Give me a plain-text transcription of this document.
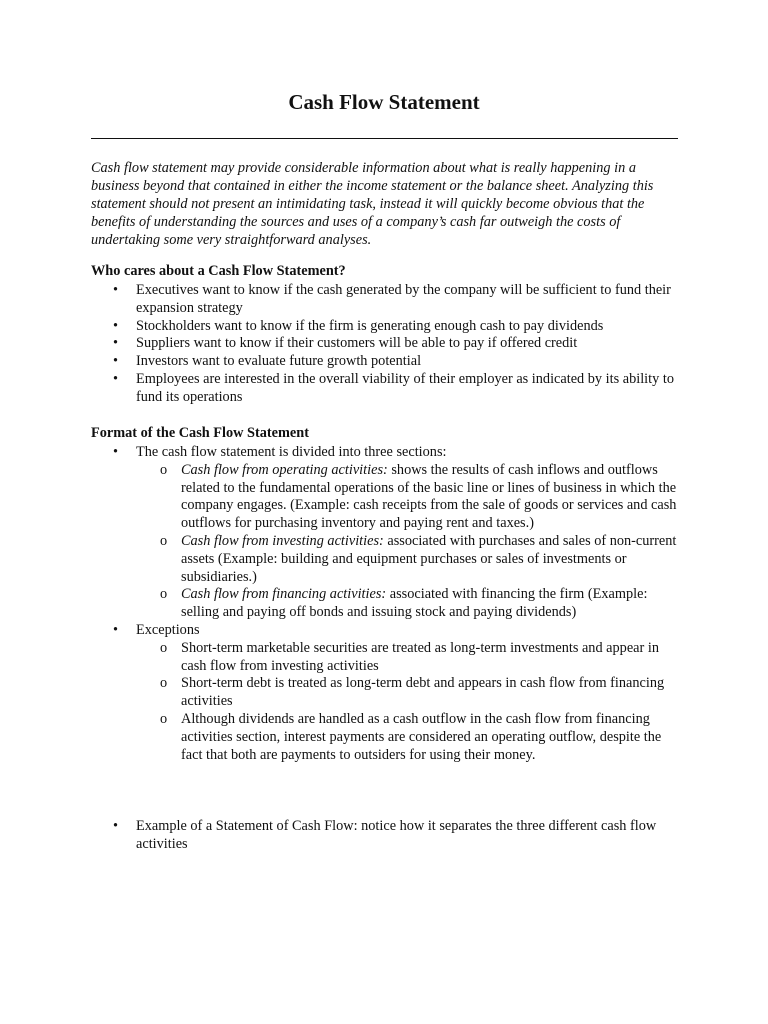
Cash Flow Statement
Cash flow statement may provide considerable information about what is really happening in a business beyond that contained in either the income statement or the balance sheet. Analyzing this statement should not present an intimidating task, instead it will quickly become obvious that the benefits of understanding the sources and uses of a company’s cash far outweigh the costs of undertaking some very straightforward analyses.
Who cares about a Cash Flow Statement?
• Executives want to know if the cash generated by the company will be sufficient to fund their expansion strategy
• Stockholders want to know if the firm is generating enough cash to pay dividends
• Suppliers want to know if their customers will be able to pay if offered credit
• Investors want to evaluate future growth potential
• Employees are interested in the overall viability of their employer as indicated by its ability to fund its operations
Format of the Cash Flow Statement
• The cash flow statement is divided into three sections:
o Cash flow from operating activities: shows the results of cash inflows and outflows related to the fundamental operations of the basic line or lines of business in which the company engages. (Example: cash receipts from the sale of goods or services and cash outflows for purchasing inventory and paying rent and taxes.)
o Cash flow from investing activities: associated with purchases and sales of non-current assets (Example: building and equipment purchases or sales of investments or subsidiaries.)
o Cash flow from financing activities: associated with financing the firm (Example: selling and paying off bonds and issuing stock and paying dividends)
• Exceptions
o Short-term marketable securities are treated as long-term investments and appear in cash flow from investing activities
o Short-term debt is treated as long-term debt and appears in cash flow from financing activities
o Although dividends are handled as a cash outflow in the cash flow from financing activities section, interest payments are considered an operating outflow, despite the fact that both are payments to outsiders for using their money.
• Example of a Statement of Cash Flow: notice how it separates the three different cash flow activities
